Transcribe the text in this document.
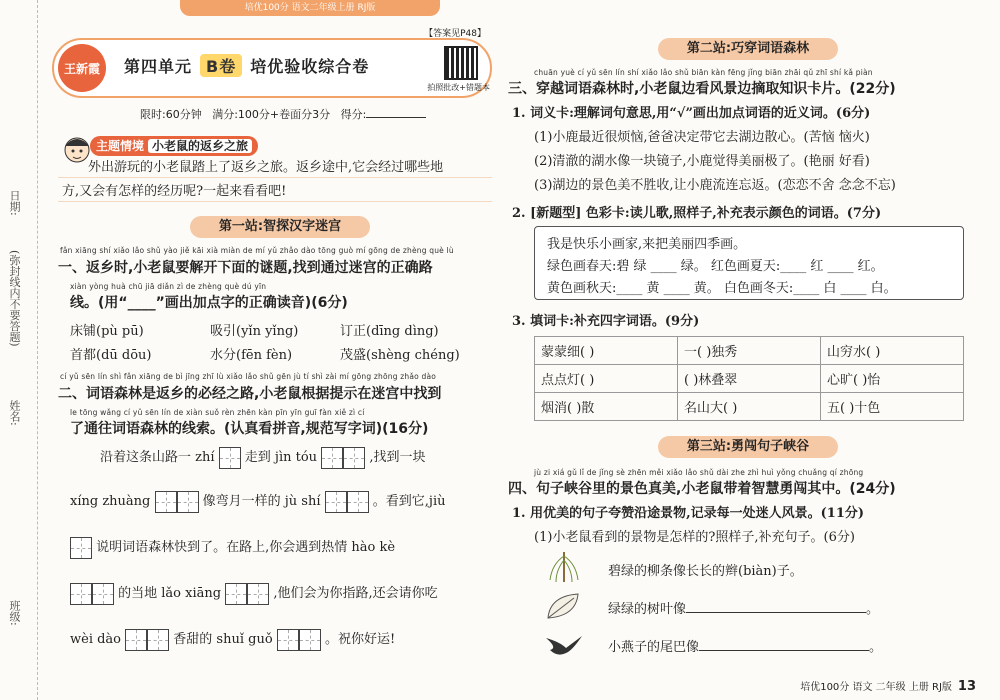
日期:
(弥封线内不要答题)
姓名:
班级:
培优100分 语文二年级上册 RJ版
王新霞	第四单元 B卷 培优验收综合卷
【答案见P48】
拍照批改+错题本
限时:60分钟 满分:100分+卷面分3分 得分:
主题情境 小老鼠的返乡之旅
外出游玩的小老鼠踏上了返乡之旅。返乡途中,它会经过哪些地
方,又会有怎样的经历呢?一起来看看吧!
第一站:智探汉字迷宫
fǎn xiāng shí xiǎo lǎo shǔ yào jiě kāi xià miàn de mí yǔ zhǎo dào tōng guò mí gōng de zhèng què lù
一、返乡时,小老鼠要解开下面的谜题,找到通过迷宫的正确路
xiàn yòng huà chū jiā diǎn zì de zhèng què dú yīn
线。(用“____”画出加点字的正确读音)(6分)
床铺(pù pū)	吸引(yǐn yǐng)	订正(dīng dìng)
首都(dū dōu)	水分(fēn fèn)	茂盛(shèng chéng)
cí yǔ sēn lín shì fǎn xiāng de bì jīng zhī lù xiǎo lǎo shǔ gēn jù tí shì zài mí gōng zhōng zhǎo dào
二、词语森林是返乡的必经之路,小老鼠根据提示在迷宫中找到
le tōng wǎng cí yǔ sēn lín de xiàn suǒ rèn zhēn kàn pīn yīn guī fàn xiě zì cí
了通往词语森林的线索。(认真看拼音,规范写字词)(16分)
沿着这条山路一 zhí 走到 jìn tóu	,找到一块
xíng zhuàng	像弯月一样的 jù shí	。看到它,jiù
说明词语森林快到了。在路上,你会遇到热情 hào kè
的当地 lǎo xiāng	,他们会为你指路,还会请你吃
wèi dào	香甜的 shuǐ guǒ	。祝你好运!
第二站:巧穿词语森林
chuān yuè cí yǔ sēn lín shí xiǎo lǎo shǔ biān kàn fēng jǐng biān zhāi qǔ zhī shí kǎ piàn
三、穿越词语森林时,小老鼠边看风景边摘取知识卡片。(22分)
1. 词义卡:理解词句意思,用“√”画出加点词语的近义词。(6分)
(1)小鹿最近很烦恼,爸爸决定带它去湖边散心。(苦恼 恼火)
(2)清澈的湖水像一块镜子,小鹿觉得美丽极了。(艳丽 好看)
(3)湖边的景色美不胜收,让小鹿流连忘返。(恋恋不舍 念念不忘)
2. [新题型] 色彩卡:读儿歌,照样子,补充表示颜色的词语。(7分)
我是快乐小画家,来把美丽四季画。
绿色画春天:碧 绿 ____ 绿。 红色画夏天:____ 红 ____ 红。
黄色画秋天:____ 黄 ____ 黄。 白色画冬天:____ 白 ____ 白。
3. 填词卡:补充四字词语。(9分)
蒙蒙细( )	一( )独秀	山穷水( )
点点灯( )	( )林叠翠	心旷( )怡
烟消( )散	名山大( )	五( )十色
第三站:勇闯句子峡谷
jù zi xiá gǔ lǐ de jǐng sè zhēn měi xiǎo lǎo shǔ dài zhe zhì huì yǒng chuǎng qí zhōng
四、句子峡谷里的景色真美,小老鼠带着智慧勇闯其中。(24分)
1. 用优美的句子夸赞沿途景物,记录每一处迷人风景。(11分)
(1)小老鼠看到的景物是怎样的?照样子,补充句子。(6分)
碧绿的柳条像长长的辫(biàn)子。
绿绿的树叶像	。
小燕子的尾巴像	。
培优100分 语文 二年级 上册 RJ版 13
